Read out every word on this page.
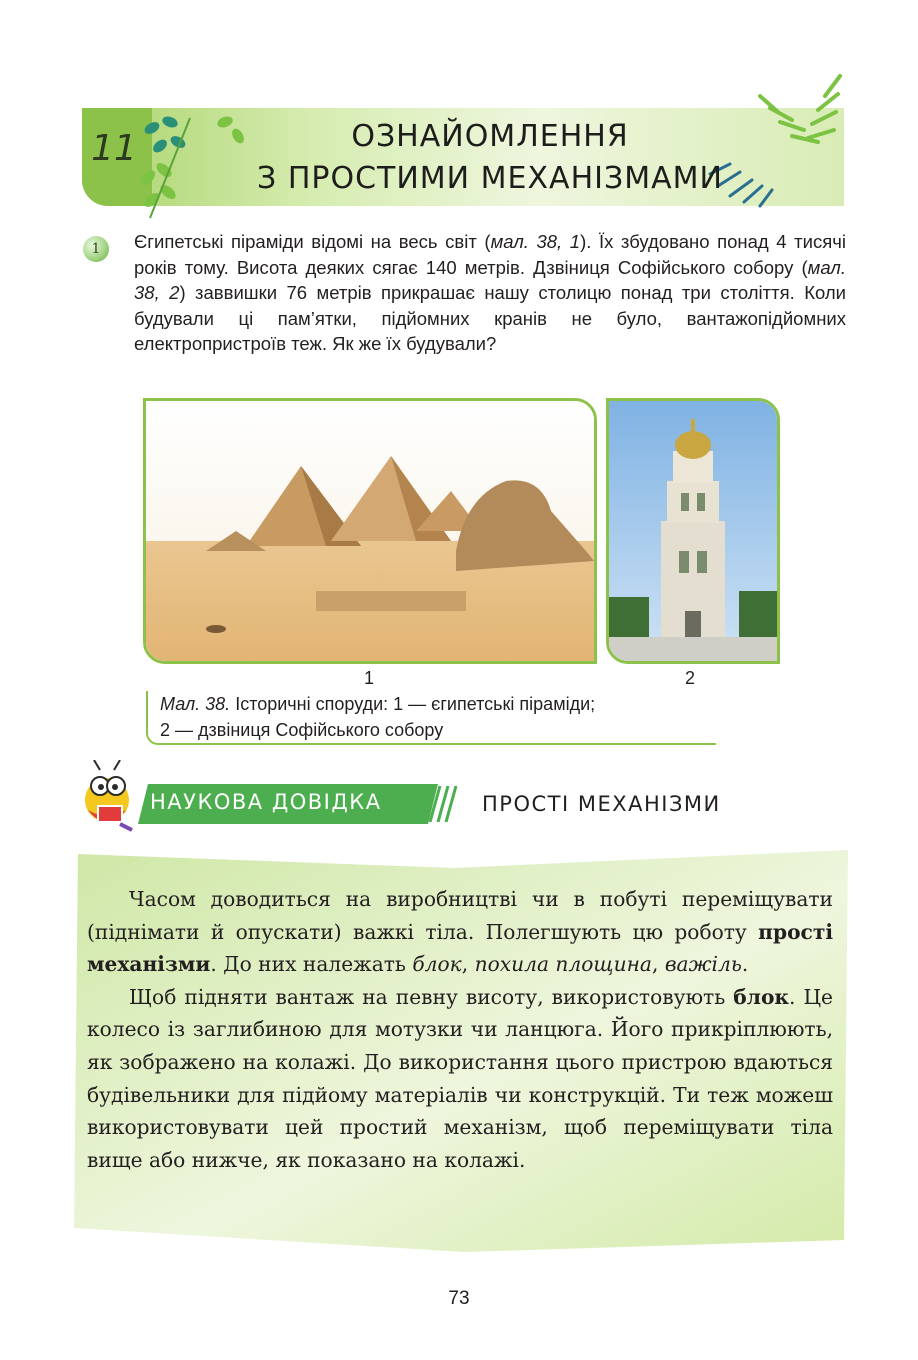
11	ОЗНАЙОМЛЕННЯ
З ПРОСТИМИ МЕХАНІЗМАМИ
1	Єгипетські піраміди відомі на весь світ (мал. 38, 1). Їх збудовано понад 4 тисячі років тому. Висота деяких сягає 140 метрів. Дзвіниця Софійського собору (мал. 38, 2) заввишки 76 метрів прикрашає нашу столицю понад три століття. Коли будували ці пам’ятки, підйомних кранів не було, вантажопідйомних електропристроїв теж. Як же їх будували?
1	2
Мал. 38. Історичні споруди: 1 — єгипетські піраміди;
2 — дзвіниця Софійського собору
НАУКОВА ДОВІДКА	ПРОСТІ МЕХАНІЗМИ

Часом доводиться на виробництві чи в побуті переміщувати (піднімати й опускати) важкі тіла. Полегшують цю роботу прості механізми. До них належать блок, похила площина, важіль.

Щоб підняти вантаж на певну висоту, використовують блок. Це колесо із заглибиною для мотузки чи ланцюга. Його прикріплюють, як зображено на колажі. До використання цього пристрою вдаються будівельники для підйому матеріалів чи конструкцій. Ти теж можеш використовувати цей простий механізм, щоб переміщувати тіла вище або нижче, як показано на колажі.

73
